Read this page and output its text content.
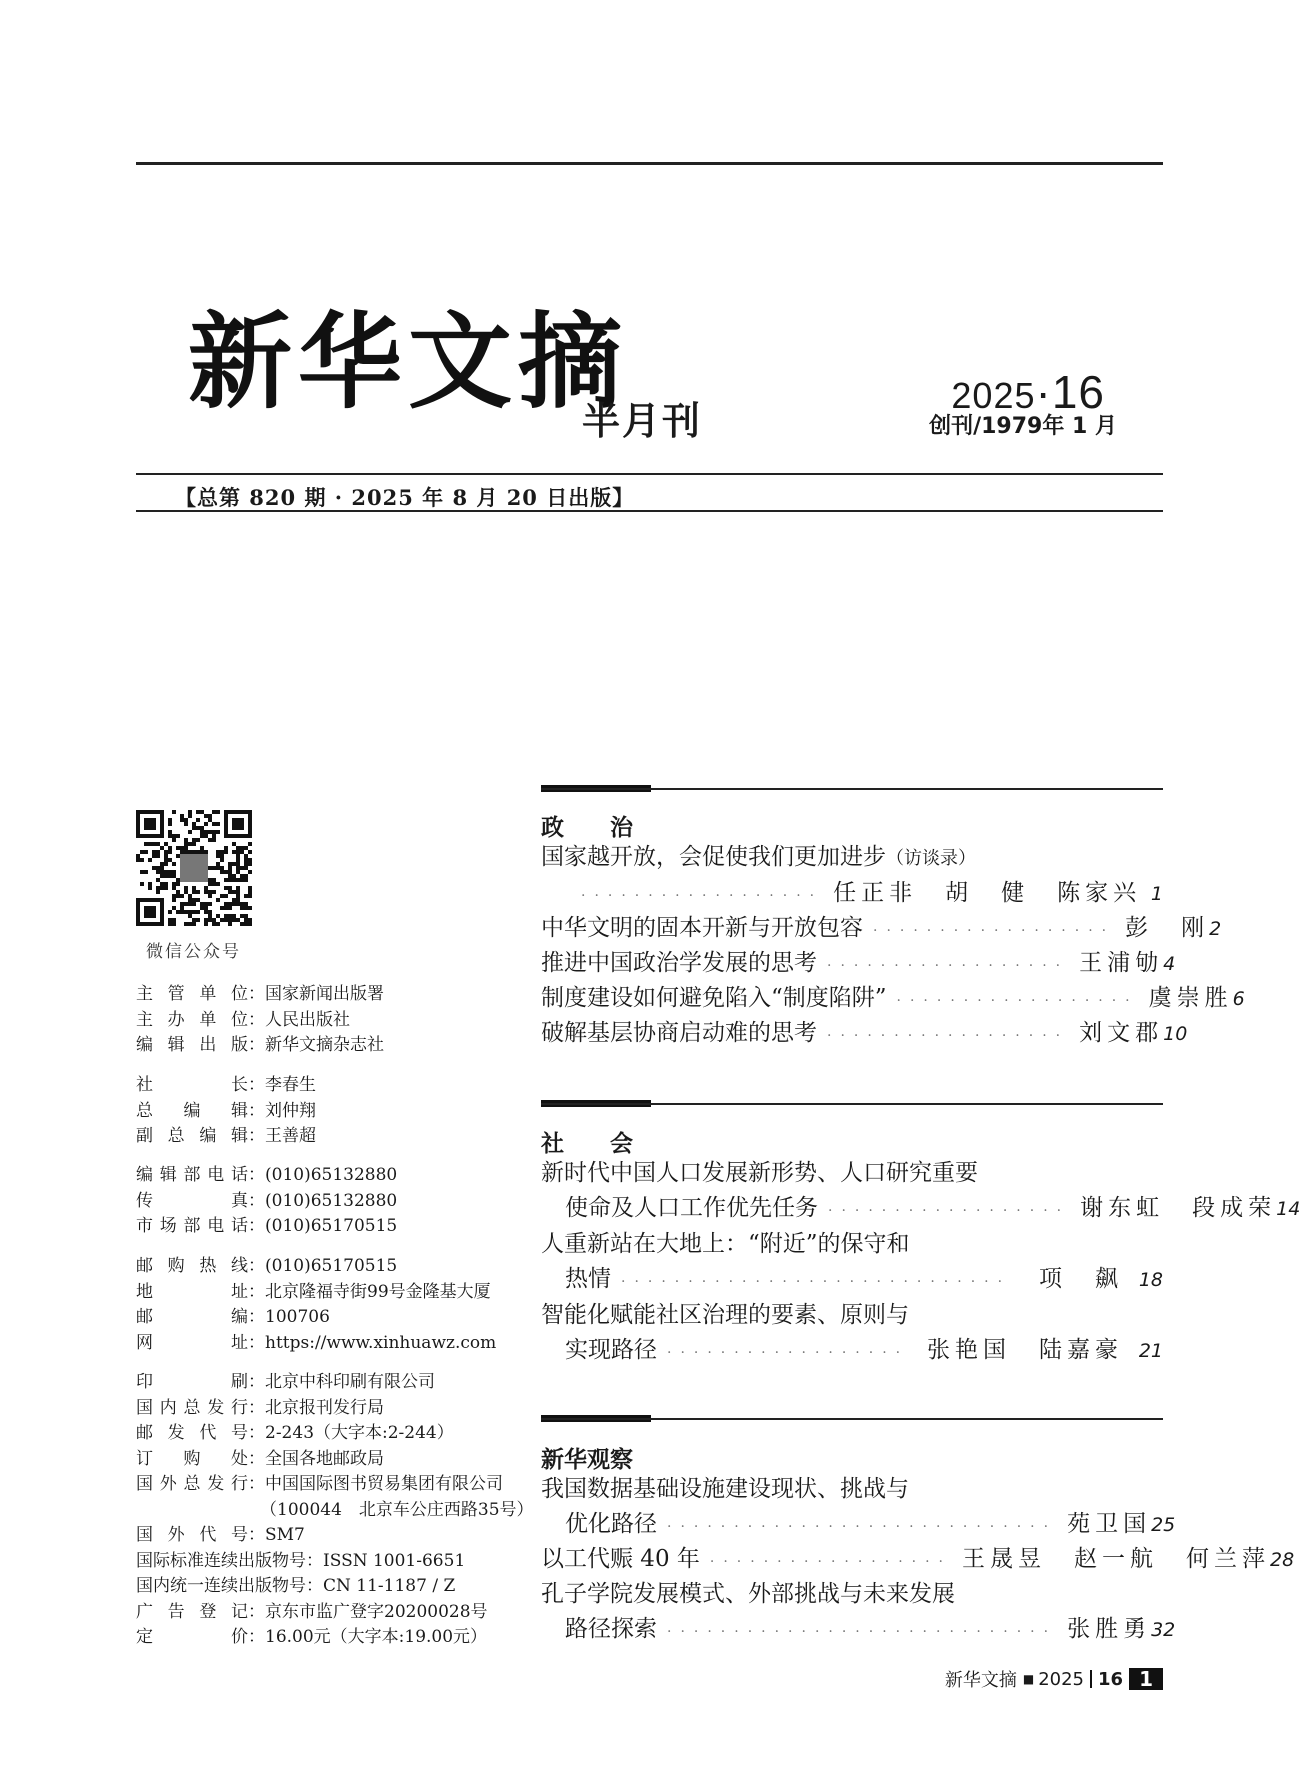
新华文摘
半月刊
2025·16
创刊/1979年 1 月
【总第 820 期 · 2025 年 8 月 20 日出版】
微信公众号
主管单位 ： 国家新闻出版署
主办单位 ： 人民出版社
编辑出版 ： 新华文摘杂志社
社长 ： 李春生
总编辑 ： 刘仲翔
副总编辑 ： 王善超
编辑部电话 ： (010)65132880
传真 ： (010)65132880
市场部电话 ： (010)65170515
邮购热线 ： (010)65170515
地址 ： 北京隆福寺街99号金隆基大厦
邮编 ： 100706
网址 ： https://www.xinhuawz.com
印刷 ： 北京中科印刷有限公司
国内总发行 ： 北京报刊发行局
邮发代号 ： 2-243（大字本:2-244）
订购处 ： 全国各地邮政局
国外总发行 ： 中国国际图书贸易集团有限公司
（100044　北京车公庄西路35号）
国外代号 ： SM7
国际标准连续出版物号 ： ISSN 1001-6651
国内统一连续出版物号 ： CN 11-1187 / Z
广告登记 ： 京东市监广登字20200028号
定价 ： 16.00元（大字本:19.00元）
政　　治
国家越开放，会促使我们更加进步 （访谈录）
·················· 任正非　胡　健　陈家兴 1
中华文明的固本开新与开放包容 ·················· 彭　刚 2
推进中国政治学发展的思考 ·················· 王浦劬 4
制度建设如何避免陷入“制度陷阱” ·················· 虞崇胜 6
破解基层协商启动难的思考 ·················· 刘文郡 10
社　　会
新时代中国人口发展新形势、人口研究重要
使命及人口工作优先任务 ·················· 谢东虹　段成荣 14
人重新站在大地上：“附近”的保守和
热情 ·····························	项　飙 18
智能化赋能社区治理的要素、原则与
实现路径 ·················· 张艳国　陆嘉豪 21
新华观察
我国数据基础设施建设现状、挑战与
优化路径 ····························· 苑卫国 25
以工代赈 40 年 ·················· 王晟昱　赵一航　何兰萍 28
孔子学院发展模式、外部挑战与未来发展
路径探索 ····························· 张胜勇 32
新华文摘 ■ 2025 16 1
